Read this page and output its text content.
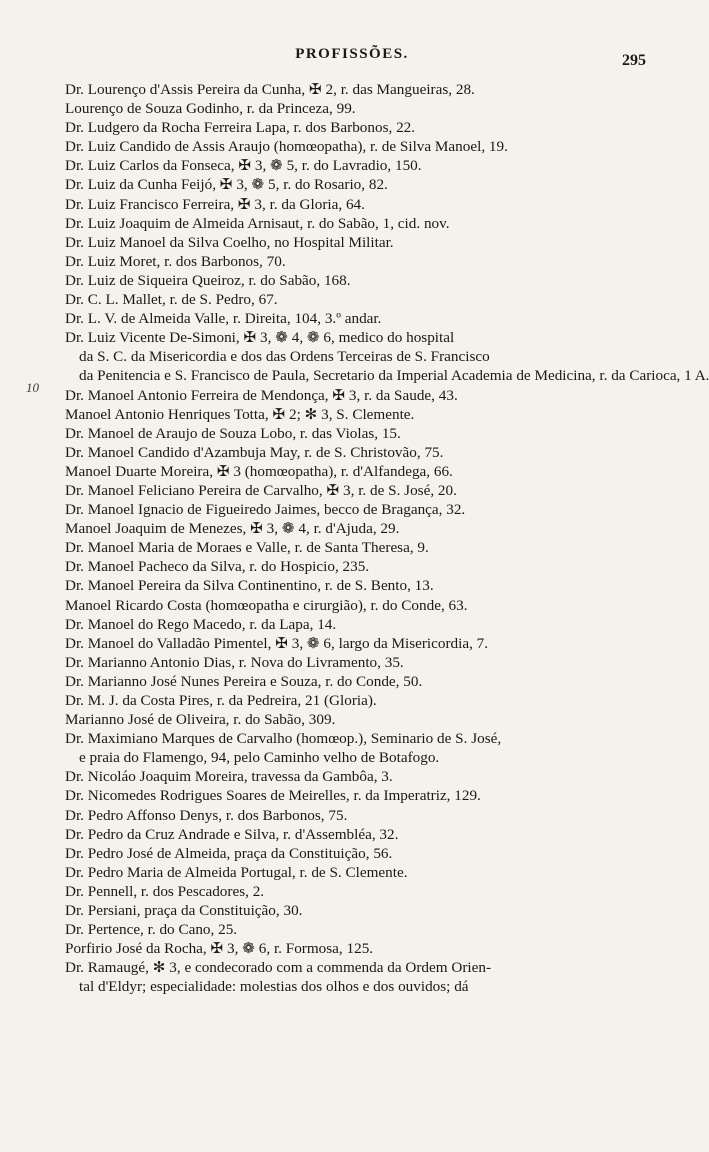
PROFISSÕES.	295
10
Dr. Lourenço d'Assis Pereira da Cunha, ✠ 2, r. das Mangueiras, 28.
Lourenço de Souza Godinho, r. da Princeza, 99.
Dr. Ludgero da Rocha Ferreira Lapa, r. dos Barbonos, 22.
Dr. Luiz Candido de Assis Araujo (homœopatha), r. de Silva Manoel, 19.
Dr. Luiz Carlos da Fonseca, ✠ 3, ❁ 5, r. do Lavradio, 150.
Dr. Luiz da Cunha Feijó, ✠ 3, ❁ 5, r. do Rosario, 82.
Dr. Luiz Francisco Ferreira, ✠ 3, r. da Gloria, 64.
Dr. Luiz Joaquim de Almeida Arnisaut, r. do Sabão, 1, cid. nov.
Dr. Luiz Manoel da Silva Coelho, no Hospital Militar.
Dr. Luiz Moret, r. dos Barbonos, 70.
Dr. Luiz de Siqueira Queiroz, r. do Sabão, 168.
Dr. C. L. Mallet, r. de S. Pedro, 67.
Dr. L. V. de Almeida Valle, r. Direita, 104, 3.º andar.
Dr. Luiz Vicente De-Simoni, ✠ 3, ❁ 4, ❁ 6, medico do hospital
da S. C. da Misericordia e dos das Ordens Terceiras de S. Francisco
da Penitencia e S. Francisco de Paula, Secretario da Imperial Academia de Medicina, r. da Carioca, 1 A.
Dr. Manoel Antonio Ferreira de Mendonça, ✠ 3, r. da Saude, 43.
Manoel Antonio Henriques Totta, ✠ 2; ✻ 3, S. Clemente.
Dr. Manoel de Araujo de Souza Lobo, r. das Violas, 15.
Dr. Manoel Candido d'Azambuja May, r. de S. Christovão, 75.
Manoel Duarte Moreira, ✠ 3 (homœopatha), r. d'Alfandega, 66.
Dr. Manoel Feliciano Pereira de Carvalho, ✠ 3, r. de S. José, 20.
Dr. Manoel Ignacio de Figueiredo Jaimes, becco de Bragança, 32.
Manoel Joaquim de Menezes, ✠ 3, ❁ 4, r. d'Ajuda, 29.
Dr. Manoel Maria de Moraes e Valle, r. de Santa Theresa, 9.
Dr. Manoel Pacheco da Silva, r. do Hospicio, 235.
Dr. Manoel Pereira da Silva Continentino, r. de S. Bento, 13.
Manoel Ricardo Costa (homœopatha e cirurgião), r. do Conde, 63.
Dr. Manoel do Rego Macedo, r. da Lapa, 14.
Dr. Manoel do Valladão Pimentel, ✠ 3, ❁ 6, largo da Misericordia, 7.
Dr. Marianno Antonio Dias, r. Nova do Livramento, 35.
Dr. Marianno José Nunes Pereira e Souza, r. do Conde, 50.
Dr. M. J. da Costa Pires, r. da Pedreira, 21 (Gloria).
Marianno José de Oliveira, r. do Sabão, 309.
Dr. Maximiano Marques de Carvalho (homœop.), Seminario de S. José,
e praia do Flamengo, 94, pelo Caminho velho de Botafogo.
Dr. Nicoláo Joaquim Moreira, travessa da Gambôa, 3.
Dr. Nicomedes Rodrigues Soares de Meirelles, r. da Imperatriz, 129.
Dr. Pedro Affonso Denys, r. dos Barbonos, 75.
Dr. Pedro da Cruz Andrade e Silva, r. d'Assembléa, 32.
Dr. Pedro José de Almeida, praça da Constituição, 56.
Dr. Pedro Maria de Almeida Portugal, r. de S. Clemente.
Dr. Pennell, r. dos Pescadores, 2.
Dr. Persiani, praça da Constituição, 30.
Dr. Pertence, r. do Cano, 25.
Porfirio José da Rocha, ✠ 3, ❁ 6, r. Formosa, 125.
Dr. Ramaugé, ✻ 3, e condecorado com a commenda da Ordem Orien-
tal d'Eldyr; especialidade: molestias dos olhos e dos ouvidos; dá
